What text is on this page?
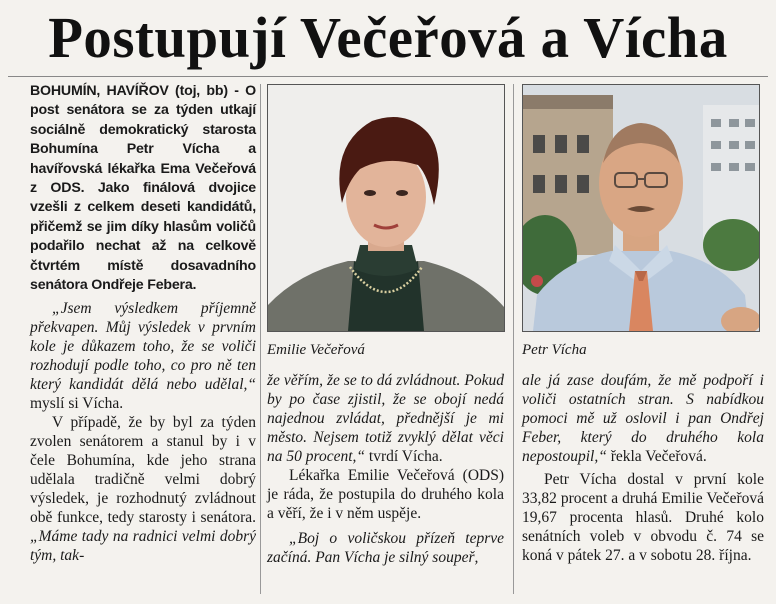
Postupují Večeřová a Vícha

BOHUMÍN, HAVÍŘOV (toj, bb) - O post senátora se za týden utkají sociálně demokratický starosta Bohumína Petr Vícha a havířovská lékařka Ema Večeřová z ODS. Jako finálová dvojice vzešli z celkem deseti kandidátů, přičemž se jim díky hlasům voličů podařilo nechat až na celkově čtvrtém místě dosavadního senátora Ondřeje Febera.

„Jsem výsledkem příjemně překvapen. Můj výsledek v prvním kole je důkazem toho, že se voliči rozhodují podle toho, co pro ně ten který kandidát dělá nebo udělal,“ myslí si Vícha.

V případě, že by byl za týden zvolen senátorem a stanul by i v čele Bohumína, kde jeho strana udělala tradičně velmi dobrý výsledek, je rozhodnutý zvládnout obě funkce, tedy starosty i senátora. „Máme tady na radnici velmi dobrý tým, tak-

Emilie Večeřová	Petr Vícha

že věřím, že se to dá zvládnout. Pokud by po čase zjistil, že se obojí nedá najednou zvládat, přednější je mi město. Nejsem totiž zvyklý dělat věci na 50 procent,“ tvrdí Vícha.

Lékařka Emilie Večeřová (ODS) je ráda, že postupila do druhého kola a věří, že i v něm uspěje.

„Boj o voličskou přízeň teprve začíná. Pan Vícha je silný soupeř,

ale já zase doufám, že mě podpoří i voliči ostatních stran. S nabídkou pomoci mě už oslovil i pan Ondřej Feber, který do druhého kola nepostoupil,“ řekla Večeřová.

Petr Vícha dostal v první kole 33,82 procent a druhá Emilie Večeřová 19,67 procenta hlasů. Druhé kolo senátních voleb v obvodu č. 74 se koná v pátek 27. a v sobotu 28. října.
